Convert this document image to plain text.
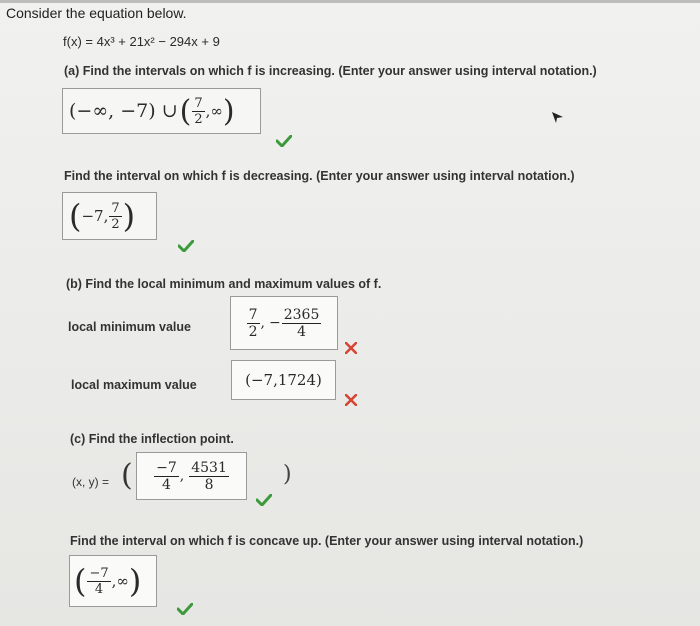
Consider the equation below.
f(x) = 4x³ + 21x² − 294x + 9
(a) Find the intervals on which f is increasing. (Enter your answer using interval notation.)
(−∞, −7) ∪ ( $\frac{7}{2}$ ,∞ )
Find the interval on which f is decreasing. (Enter your answer using interval notation.)
( −7, $\frac{7}{2}$ )
(b) Find the local minimum and maximum values of f.
local minimum value	$\frac{7}{2}$ , − $\frac{2365}{4}$
local maximum value	(−7,1724)
(c) Find the inflection point.
(x, y) = ( $\frac{-7}{4}$ , $\frac{4531}{8}$ )
Find the interval on which f is concave up. (Enter your answer using interval notation.)
( $\frac{-7}{4}$ ,∞ )
